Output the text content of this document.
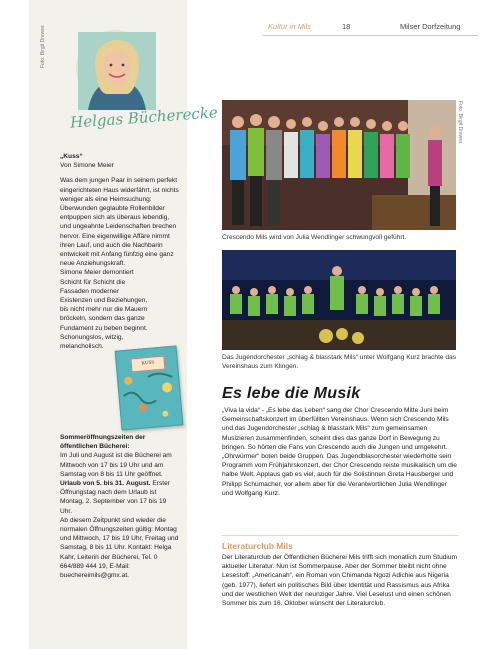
Kultur in Mils	18	Milser Dorfzeitung
Foto: Birgit Drewes
Helgas Bücherecke
„Kuss“
Von Simone Meier
Was dem jungen Paar in seinem perfekt eingerichteten Haus widerfährt, ist nichts weniger als eine Heimsuchung: Überwunden geglaubte Rollenbilder entpuppen sich als überaus lebendig, und ungeahnte Leidenschaften brechen hervor. Eine eigenwillige Affäre nimmt ihren Lauf, und auch die Nachbarin entwickelt mit Anfang fünfzig eine ganz neue Anziehungskraft.
Simone Meier demontiert Schicht für Schicht die Fassaden moderner Existenzen und Beziehungen, bis nicht mehr nur die Mauern bröckeln, sondern das ganze Fundament zu beben beginnt. Schonungslos, witzig, melancholisch.
KUSS
Sommeröffnungszeiten der öffentlichen Bücherei:
Im Juli und August ist die Bücherei am Mittwoch von 17 bis 19 Uhr und am Samstag von 8 bis 11 Uhr geöffnet.
Urlaub von 5. bis 31. August. Erster Öffnungstag nach dem Urlaub ist Montag, 2. September von 17 bis 19 Uhr.
Ab diesem Zeitpunkt sind wieder die normalen Öffnungszeiten gültig: Montag und Mittwoch, 17 bis 19 Uhr, Freitag und Samstag, 8 bis 11 Uhr. Kontakt: Helga Kahr, Leiterin der Bücherei, Tel. 0 664/889 444 19, E-Mail: buechereimils@gmx.at.
Foto: Birgit Drewes
Crescendo Mils wird von Julia Wendlinger schwungvoll geführt.
Das Jugendorchester „schlag & blasstark Mils“ unter Wolfgang Kurz brachte das Vereinshaus zum Klingen.
Es lebe die Musik
„Viva la vida“ - „Es lebe das Leben“ sang der Chor Crescendo Mitte Juni beim Gemeinschaftskonzert im überfüllten Vereinshaus. Wenn sich Crescendo Mils und das Jugendorchester „schlag & blasstark Mils“ zum gemeinsamen Musizieren zusammenfinden, scheint dies das ganze Dorf in Bewegung zu bringen. So hörten die Fans von Crescendo auch die Jungen und umgekehrt. „Ohrwürmer“ boten beide Gruppen. Das Jugendblasorchester wiederholte sein Programm vom Frühjahrskonzert, der Chor Crescendo reiste musikalisch um die halbe Welt. Applaus gab es viel, auch für die Solistinnen Greta Hausberger und Philipp Schumacher, vor allem aber für die Verantwortlichen Julia Wendlinger und Wolfgang Kurz.
Literaturclub Mils
Der Literaturclub der Öffentlichen Bücherei Mils trifft sich monatlich zum Studium aktueller Literatur. Nun ist Sommerpause. Aber der Sommer bleibt nicht ohne Lesestoff: „Americanah“, ein Roman von Chimanda Ngozi Adichie aus Nigeria (geb. 1977), liefert ein politisches Bild über Identität und Rassismus aus Afrika und der westlichen Welt der neunziger Jahre. Viel Leselust und einen schönen Sommer bis zum 16. Oktober wünscht der Literaturclub.
